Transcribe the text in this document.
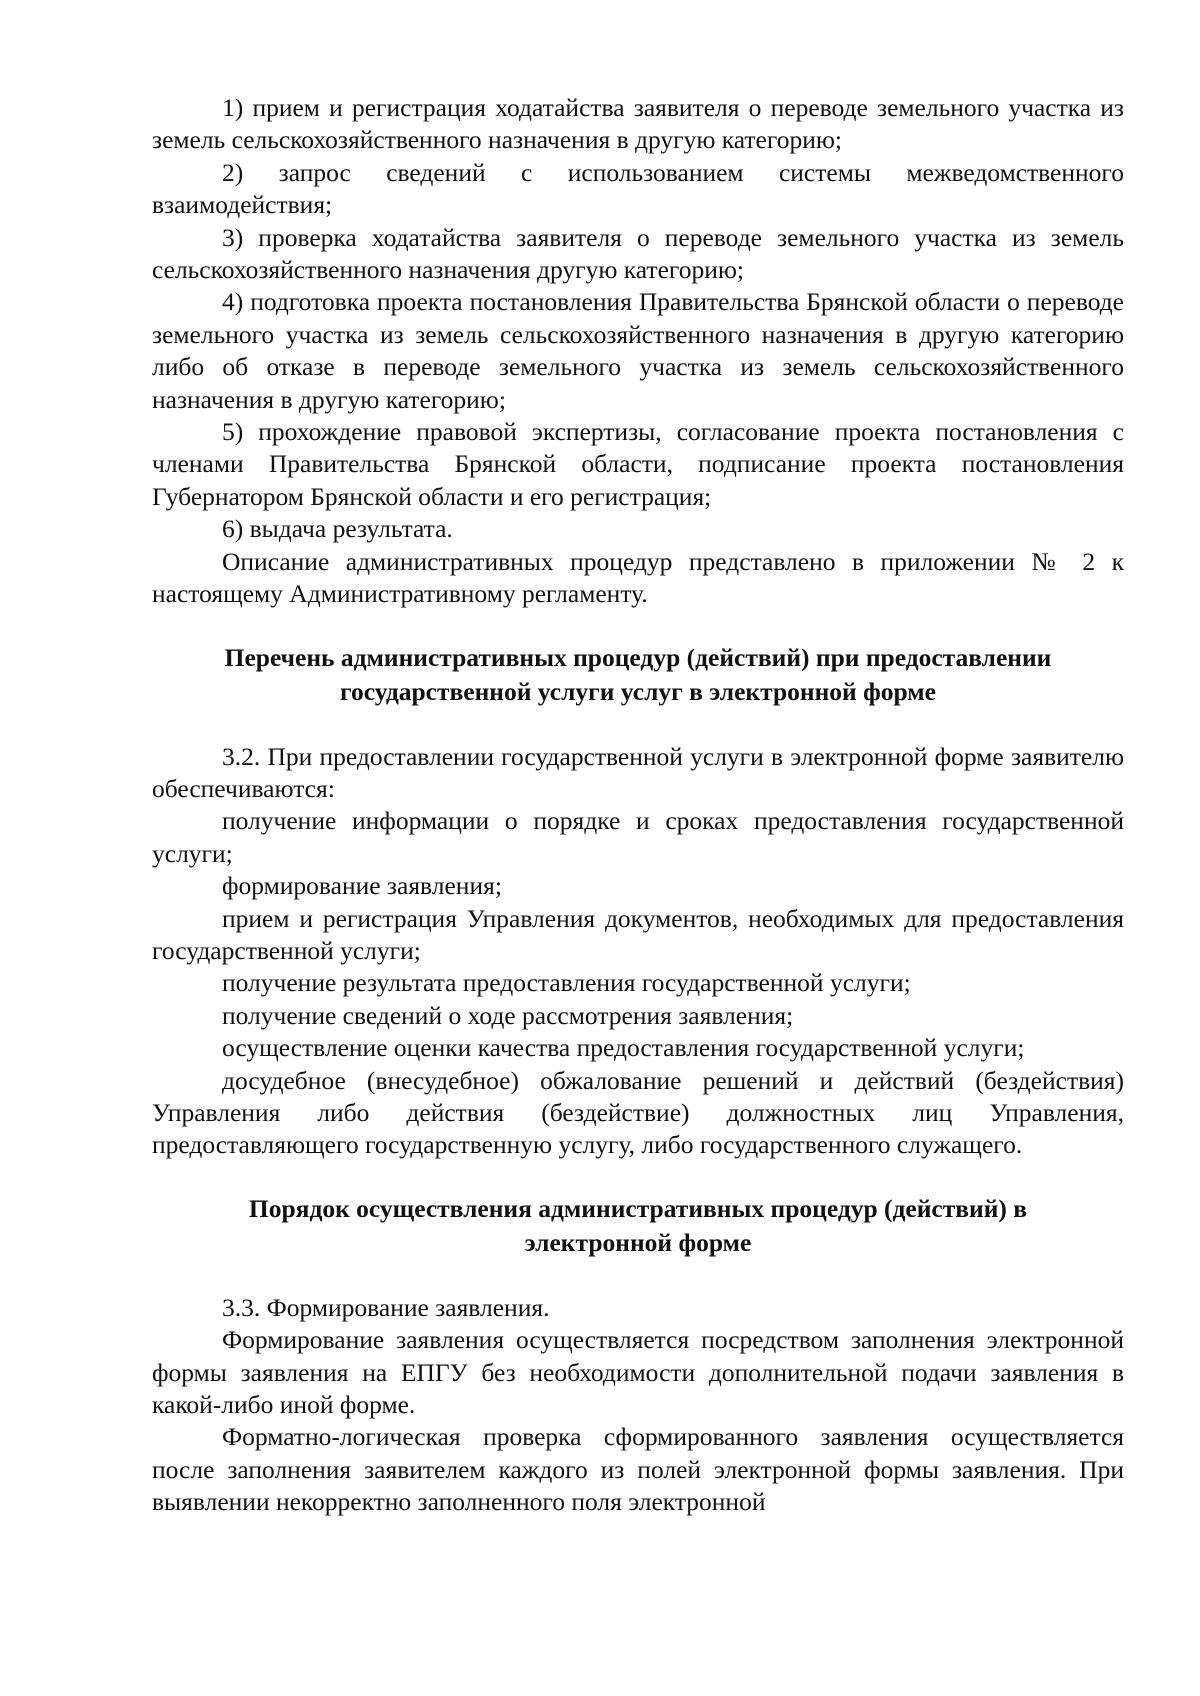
1) прием и регистрация ходатайства заявителя о переводе земельного участка из земель сельскохозяйственного назначения в другую категорию;

2) запрос сведений с использованием системы межведомственного взаимодействия;

3) проверка ходатайства заявителя о переводе земельного участка из земель сельскохозяйственного назначения другую категорию;

4) подготовка проекта постановления Правительства Брянской области о переводе земельного участка из земель сельскохозяйственного назначения в другую категорию либо об отказе в переводе земельного участка из земель сельскохозяйственного назначения в другую категорию;

5) прохождение правовой экспертизы, согласование проекта постановления с членами Правительства Брянской области, подписание проекта постановления Губернатором Брянской области и его регистрация;

6) выдача результата.

Описание административных процедур представлено в приложении № 2 к настоящему Административному регламенту.

Перечень административных процедур (действий) при предоставлении государственной услуги услуг в электронной форме

3.2. При предоставлении государственной услуги в электронной форме заявителю обеспечиваются:

получение информации о порядке и сроках предоставления государственной услуги;

формирование заявления;

прием и регистрация Управления документов, необходимых для предоставления государственной услуги;

получение результата предоставления государственной услуги;

получение сведений о ходе рассмотрения заявления;

осуществление оценки качества предоставления государственной услуги;

досудебное (внесудебное) обжалование решений и действий (бездействия) Управления либо действия (бездействие) должностных лиц Управления, предоставляющего государственную услугу, либо государственного служащего.

Порядок осуществления административных процедур (действий) в электронной форме

3.3. Формирование заявления.

Формирование заявления осуществляется посредством заполнения электронной формы заявления на ЕПГУ без необходимости дополнительной подачи заявления в какой-либо иной форме.

Форматно-логическая проверка сформированного заявления осуществляется после заполнения заявителем каждого из полей электронной формы заявления. При выявлении некорректно заполненного поля электронной
